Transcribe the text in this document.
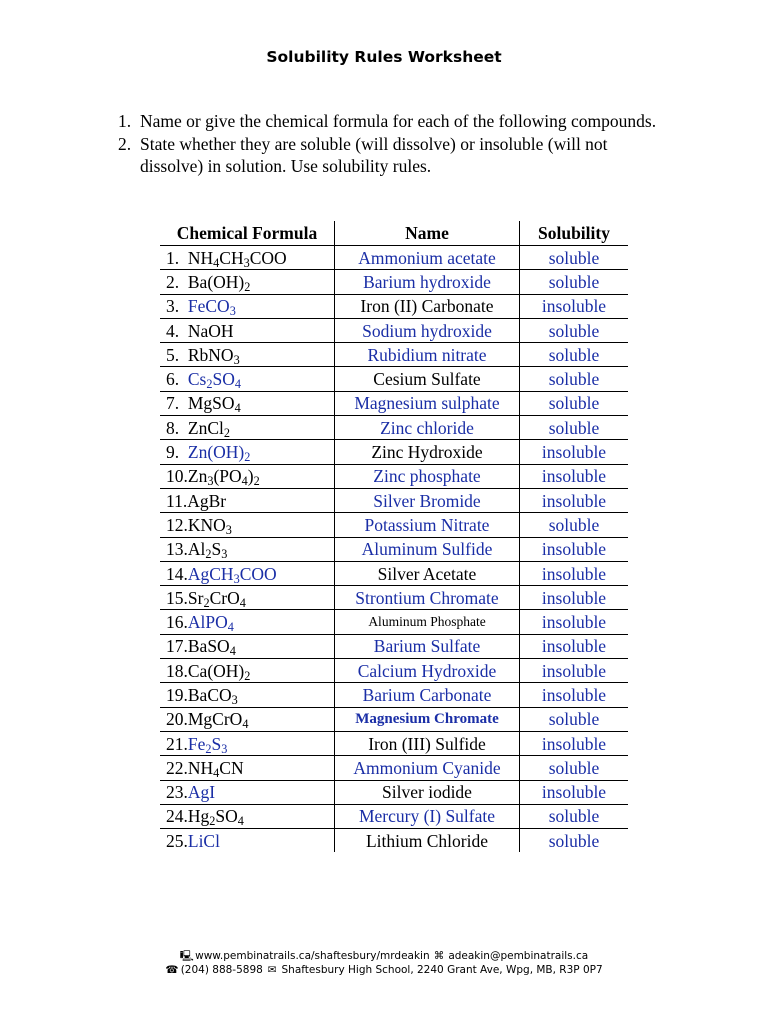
Solubility Rules Worksheet
1. Name or give the chemical formula for each of the following compounds.
2. State whether they are soluble (will dissolve) or insoluble (will not dissolve) in solution. Use solubility rules.
Chemical Formula	Name	Solubility
1.  $NH_4CH_3COO$	Ammonium acetate	soluble
2.  $Ba(OH)_2$	Barium hydroxide	soluble
3.  FeCO$_3$	Iron (II) Carbonate	insoluble
4.  NaOH	Sodium hydroxide	soluble
5.  RbNO$_3$	Rubidium nitrate	soluble
6.  $Cs_2SO_4$	Cesium Sulfate	soluble
7.  MgSO$_4$	Magnesium sulphate	soluble
8.  ZnCl$_2$	Zinc chloride	soluble
9.  $Zn(OH)_2$	Zinc Hydroxide	insoluble
$10.Zn_3(PO_4)_2$	Zinc phosphate	insoluble
11.AgBr	Silver Bromide	insoluble
$12.KNO_3$	Potassium Nitrate	soluble
$13.Al_2S_3$	Aluminum Sulfide	insoluble
14.AgCH$_3$COO	Silver Acetate	insoluble
$15.Sr_2CrO_4$	Strontium Chromate	insoluble
16.AlPO$_4$	Aluminum Phosphate	insoluble
17.BaSO$_4$	Barium Sulfate	insoluble
$18.Ca(OH)_2$	Calcium Hydroxide	insoluble
19.BaCO$_3$	Barium Carbonate	insoluble
20.MgCrO$_4$	Magnesium Chromate	soluble
$21.Fe_2S_3$	Iron (III) Sulfide	insoluble
$22.NH_4CN$	Ammonium Cyanide	soluble
23.AgI	Silver iodide	insoluble
$24.Hg_2SO_4$	Mercury (I) Sulfate	soluble
25.LiCl	Lithium Chloride	soluble
🖳 www.pembinatrails.ca/shaftesbury/mrdeakin ⌘ adeakin@pembinatrails.ca
☎ (204) 888-5898 ✉ Shaftesbury High School, 2240 Grant Ave, Wpg, MB, R3P 0P7
